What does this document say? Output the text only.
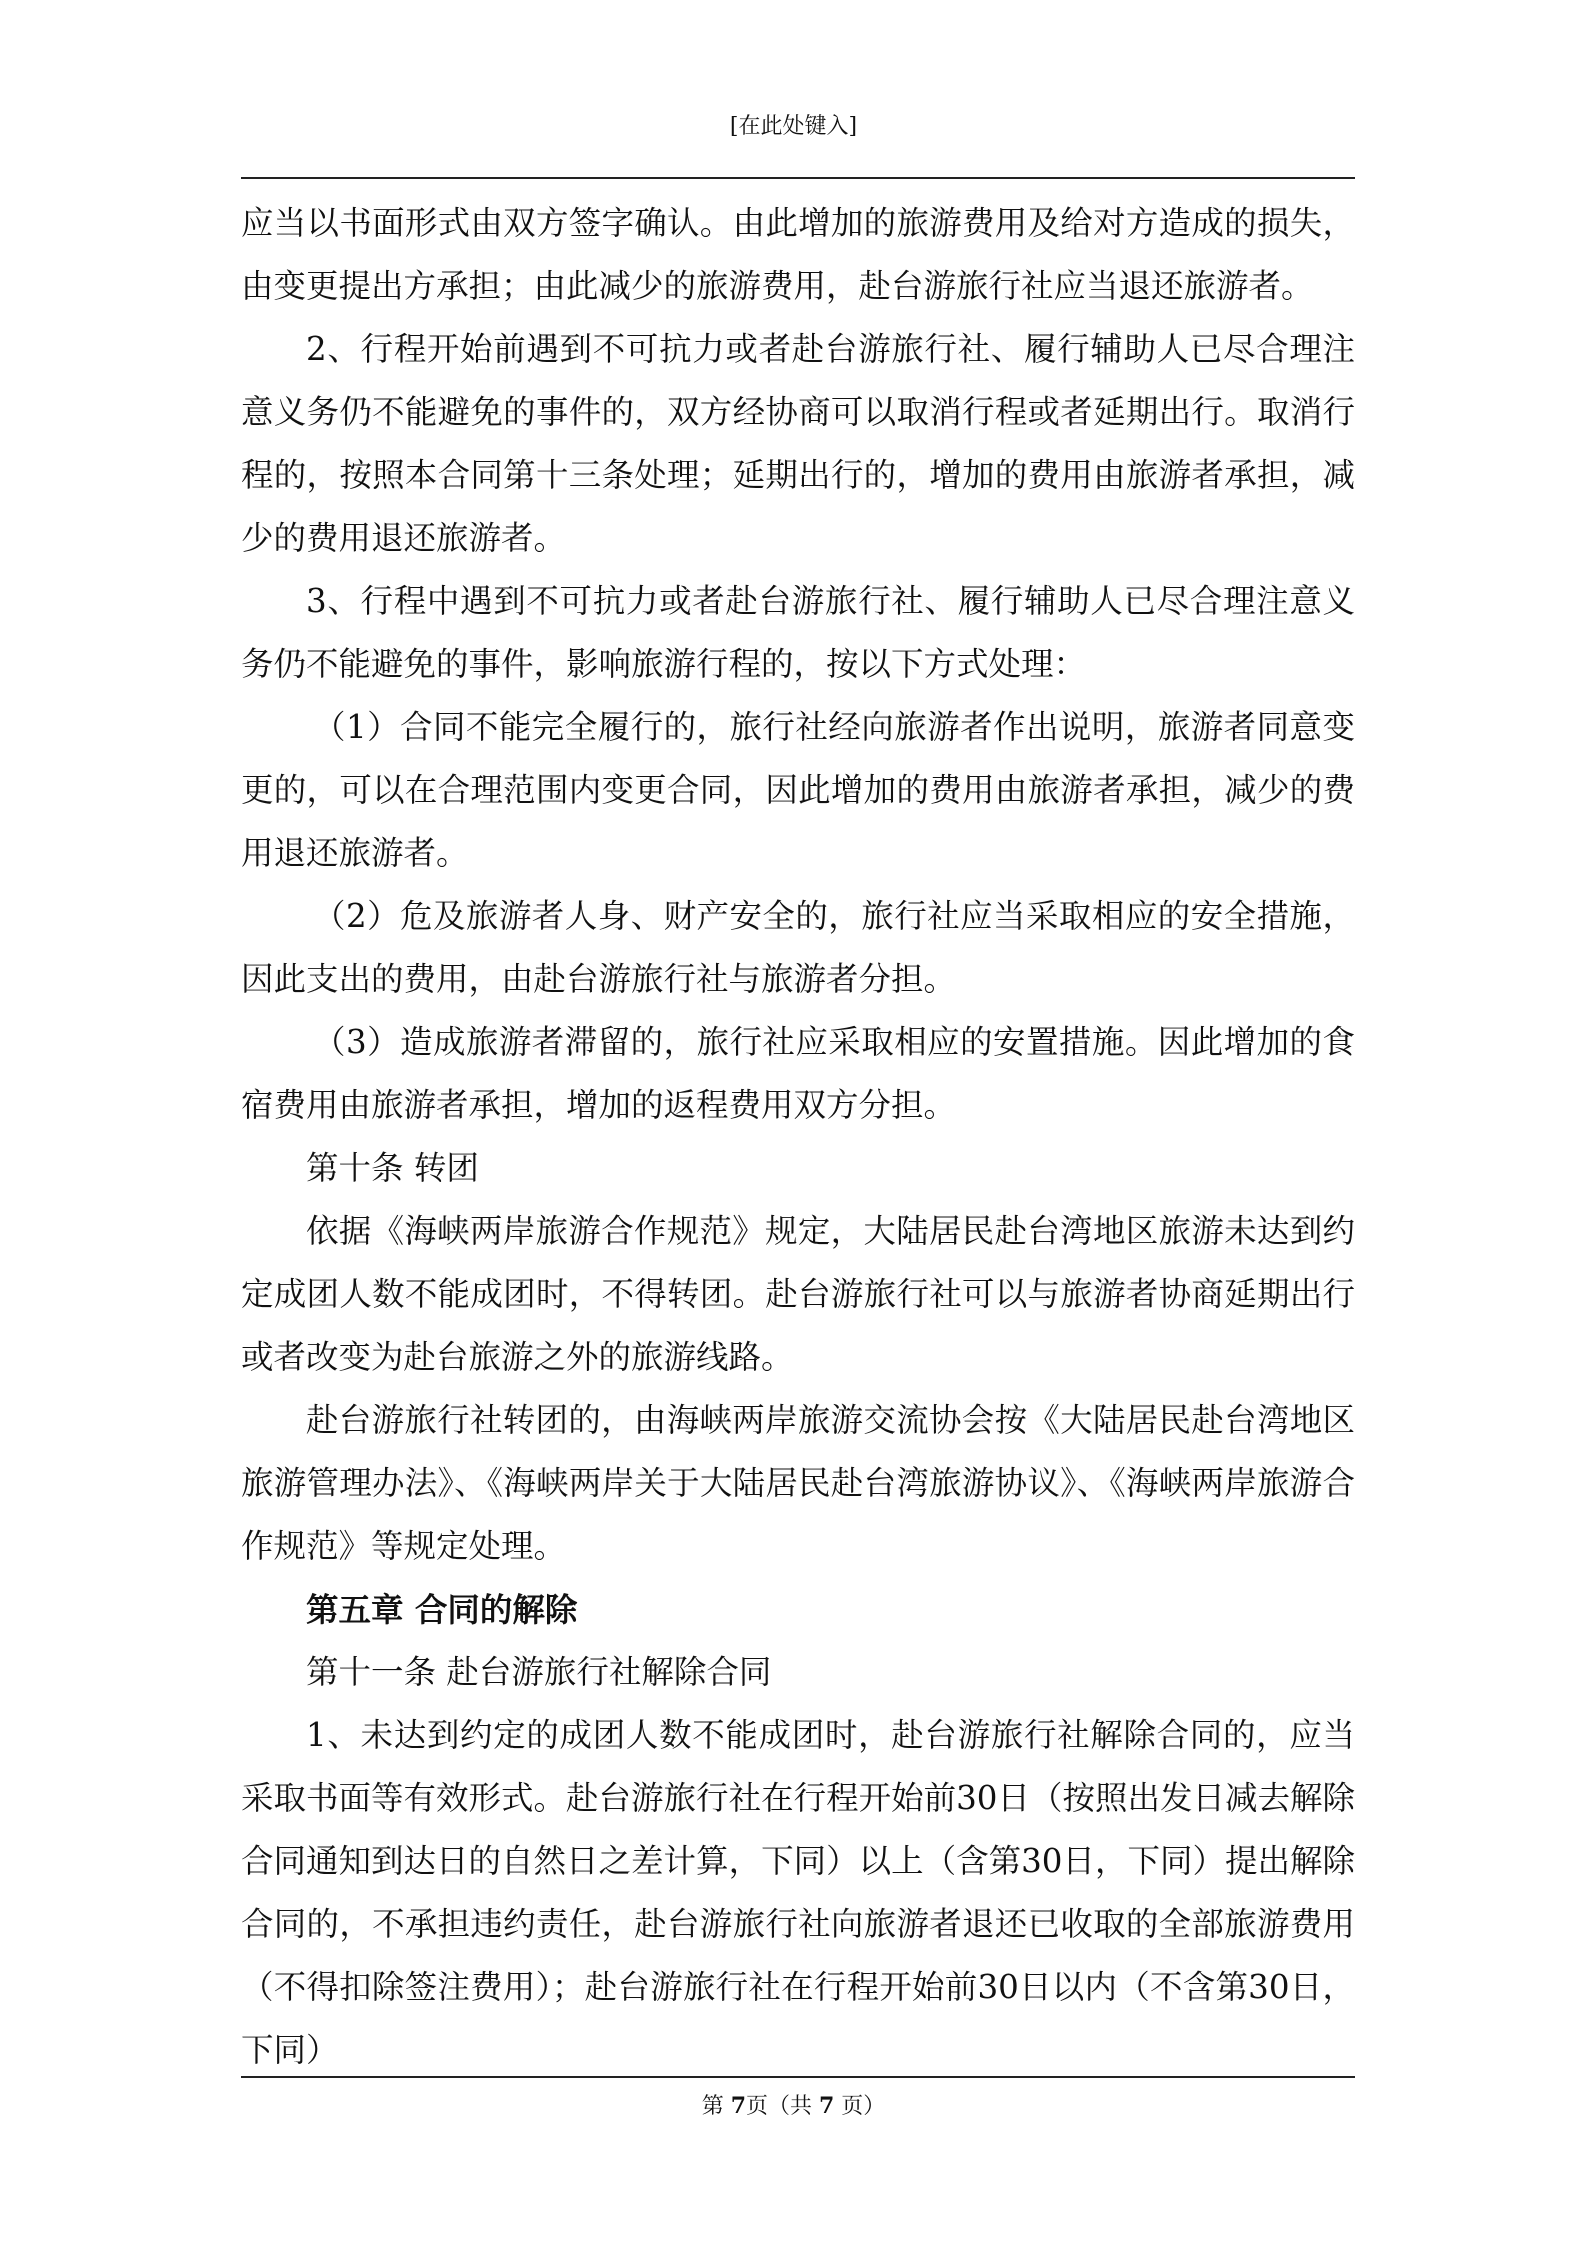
[在此处键入]

应当以书面形式由双方签字确认。由此增加的旅游费用及给对方造成的损失，由变更提出方承担；由此减少的旅游费用，赴台游旅行社应当退还旅游者。

2、行程开始前遇到不可抗力或者赴台游旅行社、履行辅助人已尽合理注意义务仍不能避免的事件的，双方经协商可以取消行程或者延期出行。取消行程的，按照本合同第十三条处理；延期出行的，增加的费用由旅游者承担，减少的费用退还旅游者。

3、行程中遇到不可抗力或者赴台游旅行社、履行辅助人已尽合理注意义务仍不能避免的事件，影响旅游行程的，按以下方式处理：

（1）合同不能完全履行的，旅行社经向旅游者作出说明，旅游者同意变更的，可以在合理范围内变更合同，因此增加的费用由旅游者承担，减少的费用退还旅游者。

（2）危及旅游者人身、财产安全的，旅行社应当采取相应的安全措施，因此支出的费用，由赴台游旅行社与旅游者分担。

（3）造成旅游者滞留的，旅行社应采取相应的安置措施。因此增加的食宿费用由旅游者承担，增加的返程费用双方分担。

第十条 转团

依据《海峡两岸旅游合作规范》规定，大陆居民赴台湾地区旅游未达到约定成团人数不能成团时，不得转团。赴台游旅行社可以与旅游者协商延期出行或者改变为赴台旅游之外的旅游线路。

赴台游旅行社转团的，由海峡两岸旅游交流协会按《大陆居民赴台湾地区旅游管理办法》、《海峡两岸关于大陆居民赴台湾旅游协议》、《海峡两岸旅游合作规范》等规定处理。

第五章 合同的解除

第十一条 赴台游旅行社解除合同

1、未达到约定的成团人数不能成团时，赴台游旅行社解除合同的，应当采取书面等有效形式。赴台游旅行社在行程开始前30日（按照出发日减去解除合同通知到达日的自然日之差计算，下同）以上（含第30日，下同）提出解除合同的，不承担违约责任，赴台游旅行社向旅游者退还已收取的全部旅游费用（不得扣除签注费用）；赴台游旅行社在行程开始前30日以内（不含第30日，下同）

第 7页（共 7 页）
